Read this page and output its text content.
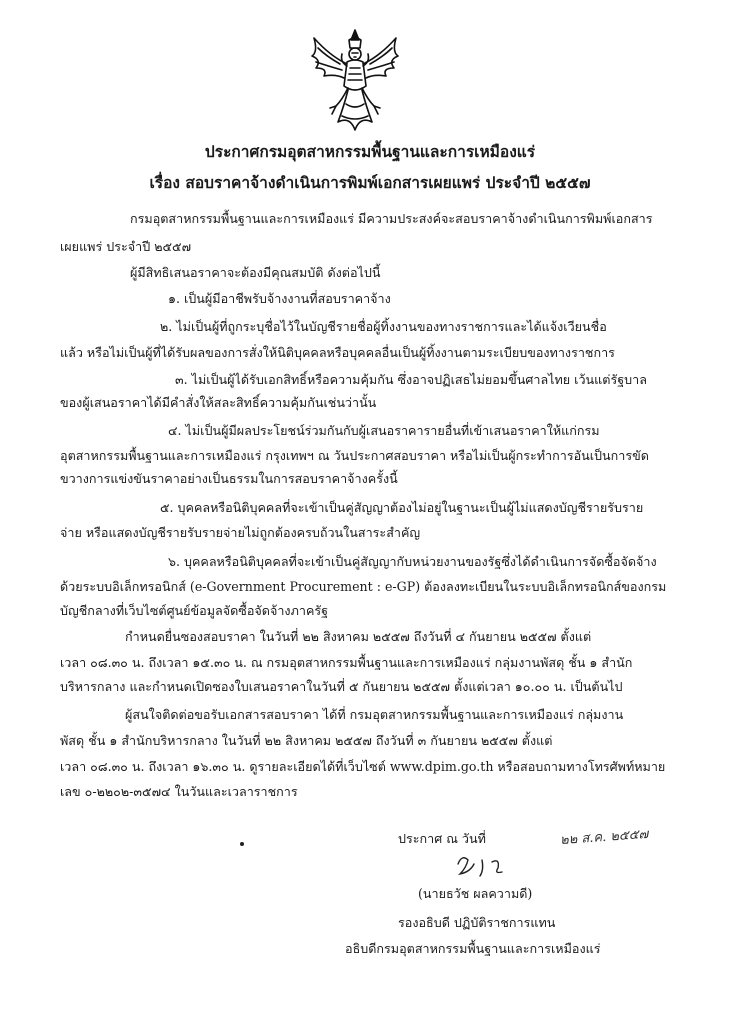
ประกาศกรมอุตสาหกรรมพื้นฐานและการเหมืองแร่
เรื่อง สอบราคาจ้างดำเนินการพิมพ์เอกสารเผยแพร่ ประจำปี ๒๕๕๗
กรมอุตสาหกรรมพื้นฐานและการเหมืองแร่ มีความประสงค์จะสอบราคาจ้างดำเนินการพิมพ์เอกสาร
เผยแพร่ ประจำปี ๒๕๕๗
ผู้มีสิทธิเสนอราคาจะต้องมีคุณสมบัติ ดังต่อไปนี้
๑. เป็นผู้มีอาชีพรับจ้างงานที่สอบราคาจ้าง
๒. ไม่เป็นผู้ที่ถูกระบุชื่อไว้ในบัญชีรายชื่อผู้ทิ้งงานของทางราชการและได้แจ้งเวียนชื่อ
แล้ว หรือไม่เป็นผู้ที่ได้รับผลของการสั่งให้นิติบุคคลหรือบุคคลอื่นเป็นผู้ทิ้งงานตามระเบียบของทางราชการ
๓. ไม่เป็นผู้ได้รับเอกสิทธิ์หรือความคุ้มกัน ซึ่งอาจปฏิเสธไม่ยอมขึ้นศาลไทย เว้นแต่รัฐบาล
ของผู้เสนอราคาได้มีคำสั่งให้สละสิทธิ์ความคุ้มกันเช่นว่านั้น
๔. ไม่เป็นผู้มีผลประโยชน์ร่วมกันกับผู้เสนอราคารายอื่นที่เข้าเสนอราคาให้แก่กรม
อุตสาหกรรมพื้นฐานและการเหมืองแร่ กรุงเทพฯ ณ วันประกาศสอบราคา หรือไม่เป็นผู้กระทำการอันเป็นการขัด
ขวางการแข่งขันราคาอย่างเป็นธรรมในการสอบราคาจ้างครั้งนี้
๕. บุคคลหรือนิติบุคคลที่จะเข้าเป็นคู่สัญญาต้องไม่อยู่ในฐานะเป็นผู้ไม่แสดงบัญชีรายรับราย
จ่าย หรือแสดงบัญชีรายรับรายจ่ายไม่ถูกต้องครบถ้วนในสาระสำคัญ
๖. บุคคลหรือนิติบุคคลที่จะเข้าเป็นคู่สัญญากับหน่วยงานของรัฐซึ่งได้ดำเนินการจัดซื้อจัดจ้าง
ด้วยระบบอิเล็กทรอนิกส์ (e-Government Procurement : e-GP) ต้องลงทะเบียนในระบบอิเล็กทรอนิกส์ของกรม
บัญชีกลางที่เว็บไซต์ศูนย์ข้อมูลจัดซื้อจัดจ้างภาครัฐ
กำหนดยื่นซองสอบราคา ในวันที่ ๒๒ สิงหาคม ๒๕๕๗ ถึงวันที่ ๔ กันยายน ๒๕๕๗ ตั้งแต่
เวลา ๐๘.๓๐ น. ถึงเวลา ๑๕.๓๐ น. ณ กรมอุตสาหกรรมพื้นฐานและการเหมืองแร่ กลุ่มงานพัสดุ ชั้น ๑ สำนัก
บริหารกลาง และกำหนดเปิดซองใบเสนอราคาในวันที่ ๕ กันยายน ๒๕๕๗ ตั้งแต่เวลา ๑๐.๐๐ น. เป็นต้นไป
ผู้สนใจติดต่อขอรับเอกสารสอบราคา ได้ที่ กรมอุตสาหกรรมพื้นฐานและการเหมืองแร่ กลุ่มงาน
พัสดุ ชั้น ๑ สำนักบริหารกลาง ในวันที่ ๒๒ สิงหาคม ๒๕๕๗ ถึงวันที่ ๓ กันยายน ๒๕๕๗ ตั้งแต่
เวลา ๐๘.๓๐ น. ถึงเวลา ๑๖.๓๐ น. ดูรายละเอียดได้ที่เว็บไซต์ www.dpim.go.th หรือสอบถามทางโทรศัพท์หมาย
เลข ๐-๒๒๐๒-๓๕๗๔ ในวันและเวลาราชการ
ประกาศ ณ วันที่	๒๒ ส.ค. ๒๕๕๗
(นายธวัช ผลความดี)
รองอธิบดี ปฏิบัติราชการแทน
อธิบดีกรมอุตสาหกรรมพื้นฐานและการเหมืองแร่
